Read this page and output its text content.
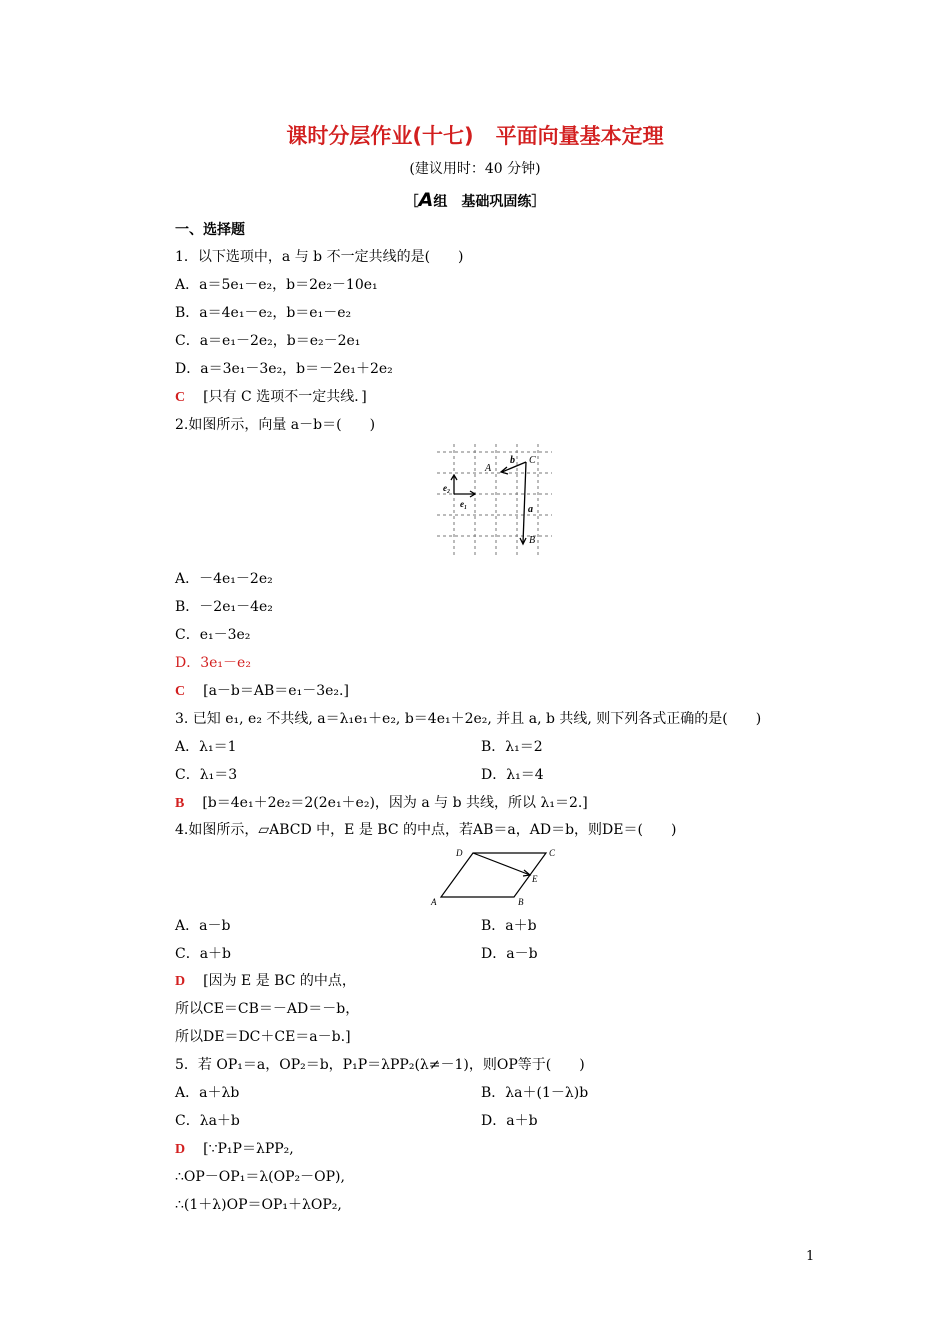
课时分层作业(十七) 平面向量基本定理
(建议用时：40 分钟)
［A组　基础巩固练］
一、选择题
1．以下选项中，a 与 b 不一定共线的是(　　)
A．a＝5e₁－e₂，b＝2e₂－10e₁
B．a＝4e₁－e₂，b＝e₁－e₂
C．a＝e₁－2e₂，b＝e₂－2e₁
D．a＝3e₁－3e₂，b＝－2e₁＋2e₂
C [只有 C 选项不一定共线．]
2.如图所示，向量 a－b＝(　　)
A
b C
e₂
e₁	a
B
A．－4e₁－2e₂
B．－2e₁－4e₂
C．e₁－3e₂
D．3e₁－e₂
C [a－b＝AB＝e₁－3e₂.]
3. 已知 e₁, e₂ 不共线, a＝λ₁e₁＋e₂, b＝4e₁＋2e₂, 并且 a, b 共线, 则下列各式正确的是(　　)
A．λ₁＝1	B．λ₁＝2
C．λ₁＝3	D．λ₁＝4
B [b＝4e₁＋2e₂＝2(2e₁＋e₂)，因为 a 与 b 共线，所以 λ₁＝2.]
4.如图所示，▱ABCD 中，E 是 BC 的中点，若AB＝a，AD＝b，则DE＝(　　)
D	C
E
A	B
A．a－b	B．a＋b
C．a＋b	D．a－b
D [因为 E 是 BC 的中点，
所以CE＝CB＝－AD＝－b，
所以DE＝DC＋CE＝a－b.]
5．若 OP₁＝a，OP₂＝b，P₁P＝λPP₂(λ≠－1)，则OP等于(　　)
A．a＋λb	B．λa＋(1－λ)b
C．λa＋b	D．a＋b
D [∵P₁P＝λPP₂,
∴OP－OP₁＝λ(OP₂－OP),
∴(1＋λ)OP＝OP₁＋λOP₂,
1
